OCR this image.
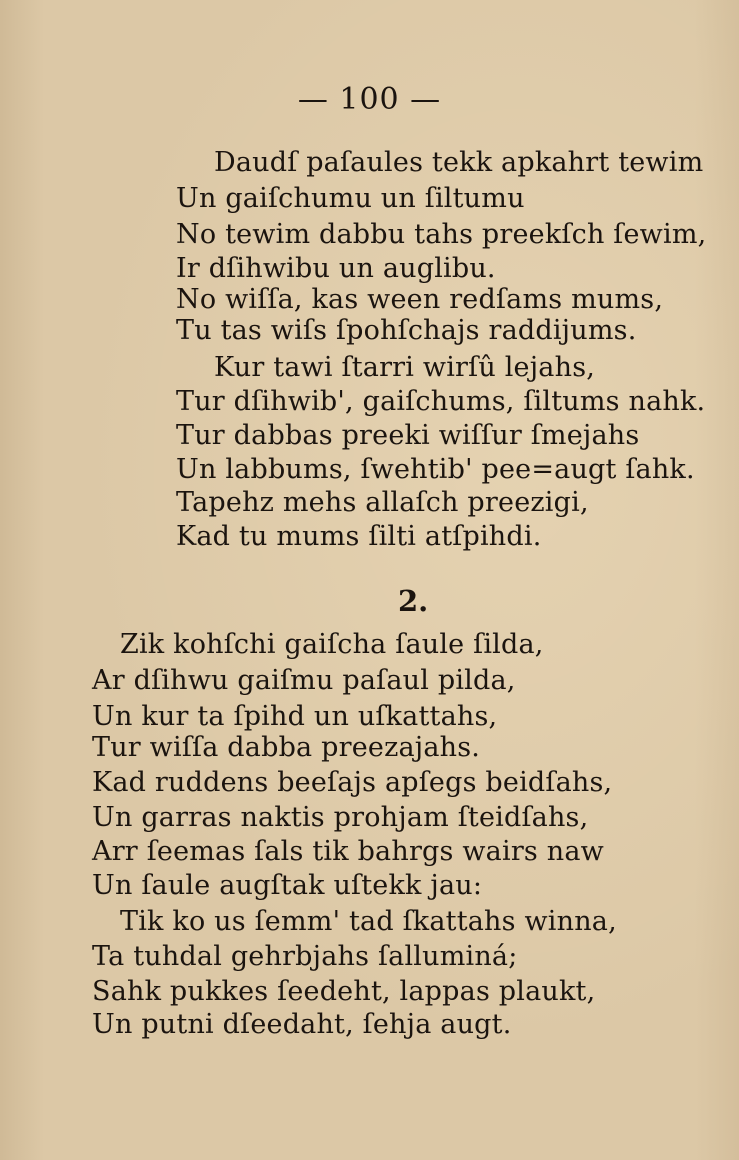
— 100 —
Daudſ paſaules tekk apkahrt tewim
Un gaiſchumu un ſiltumu
No tewim dabbu tahs preekſch ſewim,
Ir dſihwibu un auglibu.
No wiſſa, kas ween redſams mums,
Tu tas wiſs ſpohſchajs raddijums.
Kur tawi ſtarri wirſû lejahs,
Tur dſihwib', gaiſchums, ſiltums nahk.
Tur dabbas preeki wiſſur ſmejahs
Un labbums, ſwehtib' pee=augt ſahk.
Tapehz mehs allaſch preezigi,
Kad tu mums ſilti atſpihdi.
2.
Zik kohſchi gaiſcha ſaule ſilda,
Ar dſihwu gaiſmu paſaul pilda,
Un kur ta ſpihd un uſkattahs,
Tur wiſſa dabba preezajahs.
Kad ruddens beeſajs apſegs beidſahs,
Un garras naktis prohjam ſteidſahs,
Arr ſeemas ſals tik bahrgs wairs naw
Un ſaule augſtak uſtekk jau:
Tik ko us ſemm' tad ſkattahs winna,
Ta tuhdal gehrbjahs ſalluminá;
Sahk pukkes ſeedeht, lappas plaukt,
Un putni dſeedaht, ſehja augt.
